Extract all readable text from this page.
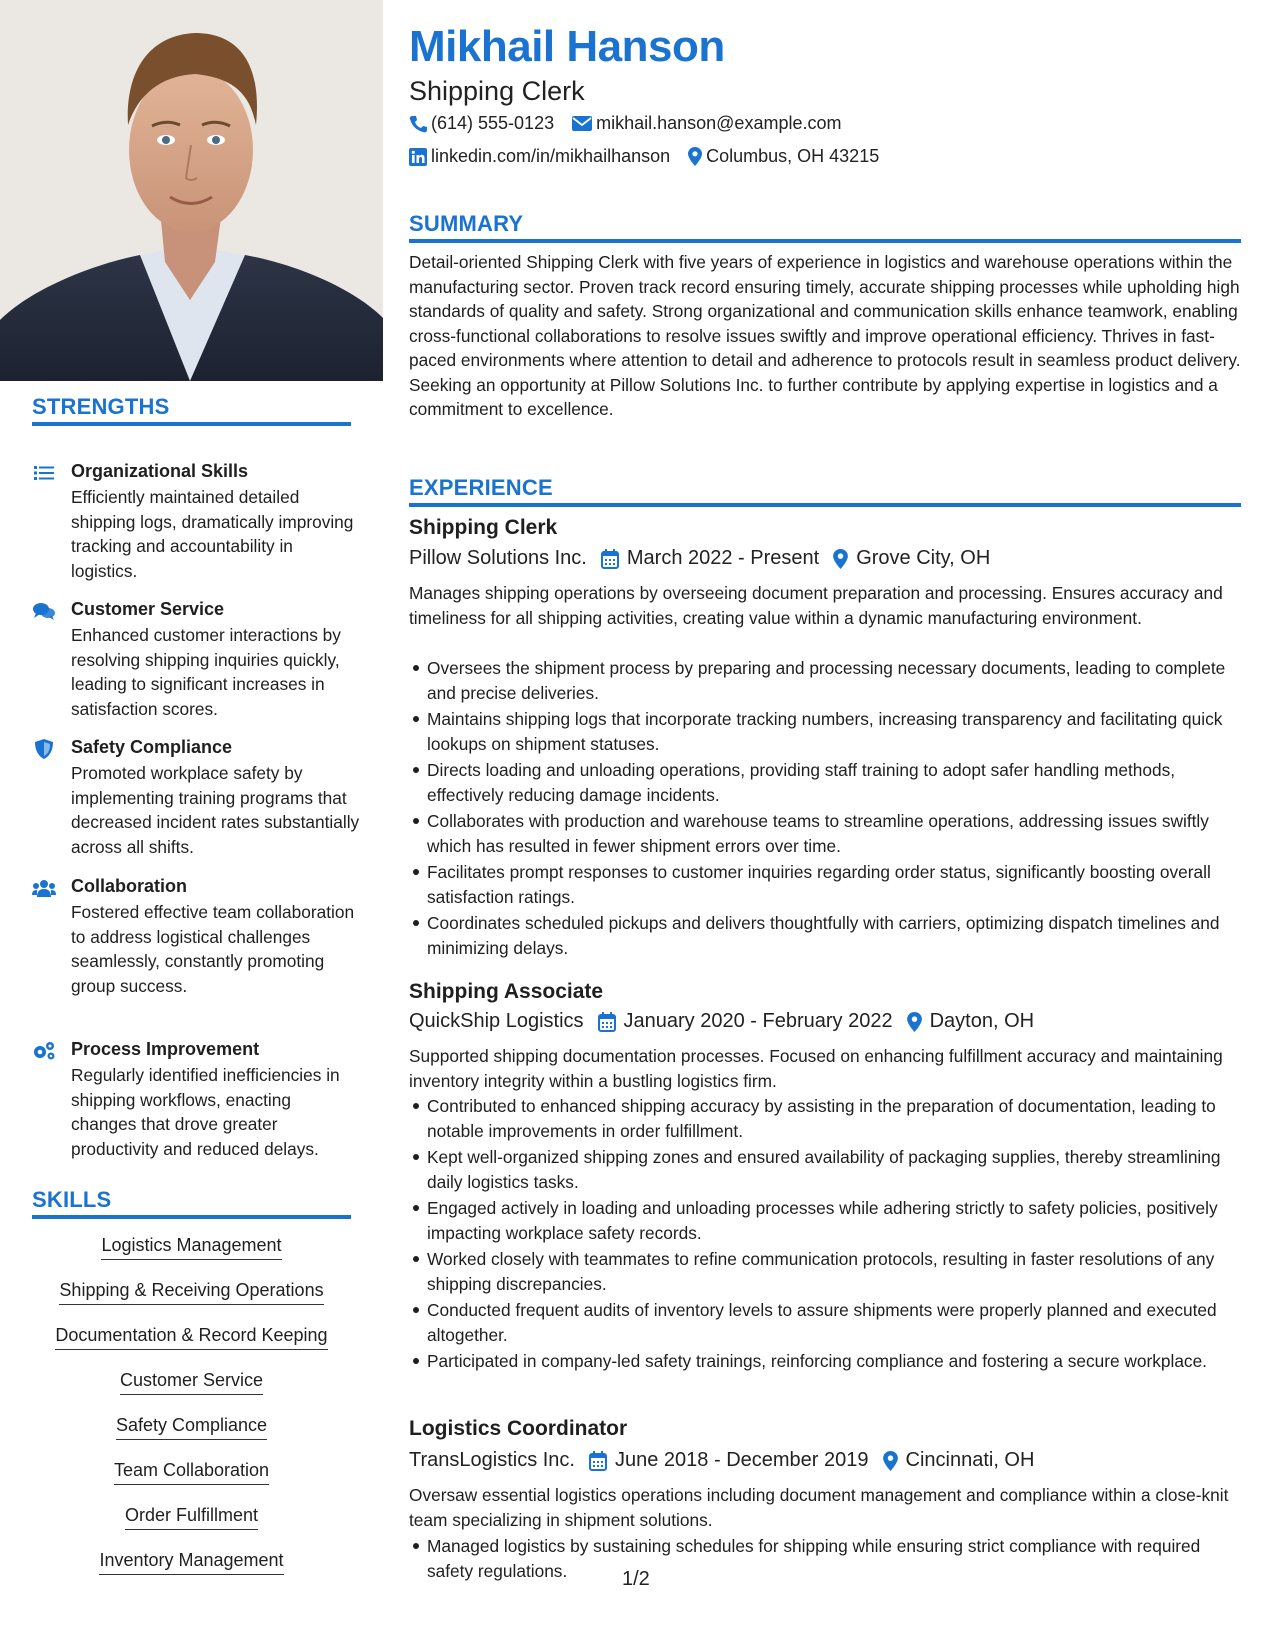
STRENGTHS
Organizational Skills
Efficiently maintained detailed shipping logs, dramatically improving tracking and accountability in logistics.
Customer Service
Enhanced customer interactions by resolving shipping inquiries quickly, leading to significant increases in satisfaction scores.
Safety Compliance
Promoted workplace safety by implementing training programs that decreased incident rates substantially across all shifts.
Collaboration
Fostered effective team collaboration to address logistical challenges seamlessly, constantly promoting group success.
Process Improvement
Regularly identified inefficiencies in shipping workflows, enacting changes that drove greater productivity and reduced delays.
SKILLS
Logistics Management
Shipping & Receiving Operations
Documentation & Record Keeping
Customer Service
Safety Compliance
Team Collaboration
Order Fulfillment
Inventory Management
Mikhail Hanson
Shipping Clerk
(614) 555-0123 mikhail.hanson@example.com
linkedin.com/in/mikhailhanson Columbus, OH 43215
SUMMARY
Detail-oriented Shipping Clerk with five years of experience in logistics and warehouse operations within the manufacturing sector. Proven track record ensuring timely, accurate shipping processes while upholding high standards of quality and safety. Strong organizational and communication skills enhance teamwork, enabling cross-functional collaborations to resolve issues swiftly and improve operational efficiency. Thrives in fast-paced environments where attention to detail and adherence to protocols result in seamless product delivery. Seeking an opportunity at Pillow Solutions Inc. to further contribute by applying expertise in logistics and a commitment to excellence.
EXPERIENCE
Shipping Clerk
Pillow Solutions Inc. March 2022 - Present Grove City, OH
Manages shipping operations by overseeing document preparation and processing. Ensures accuracy and timeliness for all shipping activities, creating value within a dynamic manufacturing environment.
Oversees the shipment process by preparing and processing necessary documents, leading to complete and precise deliveries.
Maintains shipping logs that incorporate tracking numbers, increasing transparency and facilitating quick lookups on shipment statuses.
Directs loading and unloading operations, providing staff training to adopt safer handling methods, effectively reducing damage incidents.
Collaborates with production and warehouse teams to streamline operations, addressing issues swiftly which has resulted in fewer shipment errors over time.
Facilitates prompt responses to customer inquiries regarding order status, significantly boosting overall satisfaction ratings.
Coordinates scheduled pickups and delivers thoughtfully with carriers, optimizing dispatch timelines and minimizing delays.
Shipping Associate
QuickShip Logistics January 2020 - February 2022 Dayton, OH
Supported shipping documentation processes. Focused on enhancing fulfillment accuracy and maintaining inventory integrity within a bustling logistics firm.
Contributed to enhanced shipping accuracy by assisting in the preparation of documentation, leading to notable improvements in order fulfillment.
Kept well-organized shipping zones and ensured availability of packaging supplies, thereby streamlining daily logistics tasks.
Engaged actively in loading and unloading processes while adhering strictly to safety policies, positively impacting workplace safety records.
Worked closely with teammates to refine communication protocols, resulting in faster resolutions of any shipping discrepancies.
Conducted frequent audits of inventory levels to assure shipments were properly planned and executed altogether.
Participated in company-led safety trainings, reinforcing compliance and fostering a secure workplace.
Logistics Coordinator
TransLogistics Inc. June 2018 - December 2019 Cincinnati, OH
Oversaw essential logistics operations including document management and compliance within a close-knit team specializing in shipment solutions.
Managed logistics by sustaining schedules for shipping while ensuring strict compliance with required safety regulations.	1/2
